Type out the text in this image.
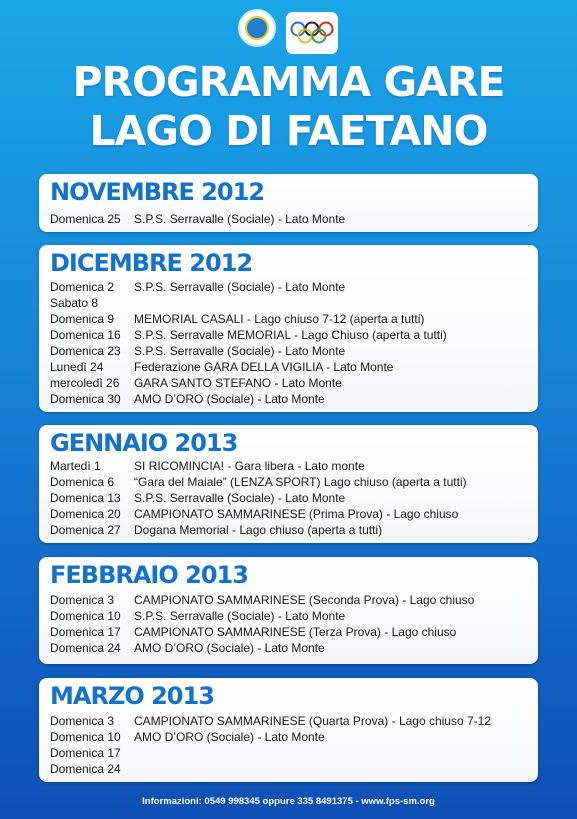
PROGRAMMA GARE
LAGO DI FAETANO
NOVEMBRE 2012
Domenica 25 S.P.S. Serravalle (Sociale) - Lato Monte
DICEMBRE 2012
Domenica 2 S.P.S. Serravalle (Sociale) - Lato Monte
Sabato 8
Domenica 9 MEMORIAL CASALI - Lago chiuso 7-12 (aperta a tutti)
Domenica 16 S.P.S. Serravalle MEMORIAL - Lago Chiuso (aperta a tutti)
Domenica 23 S.P.S. Serravalle (Sociale) - Lato Monte
Lunedì 24	Federazione GARA DELLA VIGILIA - Lato Monte
mercoledì 26 GARA SANTO STEFANO - Lato Monte
Domenica 30 AMO D’ORO (Sociale) - Lato Monte
GENNAIO 2013
Martedì 1	SI RICOMINCIA! - Gara libera - Lato monte
Domenica 6 “Gara del Maiale” (LENZA SPORT) Lago chiuso (aperta a tutti)
Domenica 13 S.P.S. Serravalle (Sociale) - Lato Monte
Domenica 20 CAMPIONATO SAMMARINESE (Prima Prova) - Lago chiuso
Domenica 27 Dogana Memorial - Lago chiuso (aperta a tutti)
FEBBRAIO 2013
Domenica 3 CAMPIONATO SAMMARINESE (Seconda Prova) - Lago chiuso
Domenica 10 S.P.S. Serravalle (Sociale) - Lato Monte
Domenica 17 CAMPIONATO SAMMARINESE (Terza Prova) - Lago chiuso
Domenica 24 AMO D’ORO (Sociale) - Lato Monte
MARZO 2013
Domenica 3 CAMPIONATO SAMMARINESE (Quarta Prova) - Lago chiuso 7-12
Domenica 10 AMO D’ORO (Sociale) - Lato Monte
Domenica 17
Domenica 24
Informazioni: 0549 998345 oppure 335 8491375 - www.fps-sm.org
